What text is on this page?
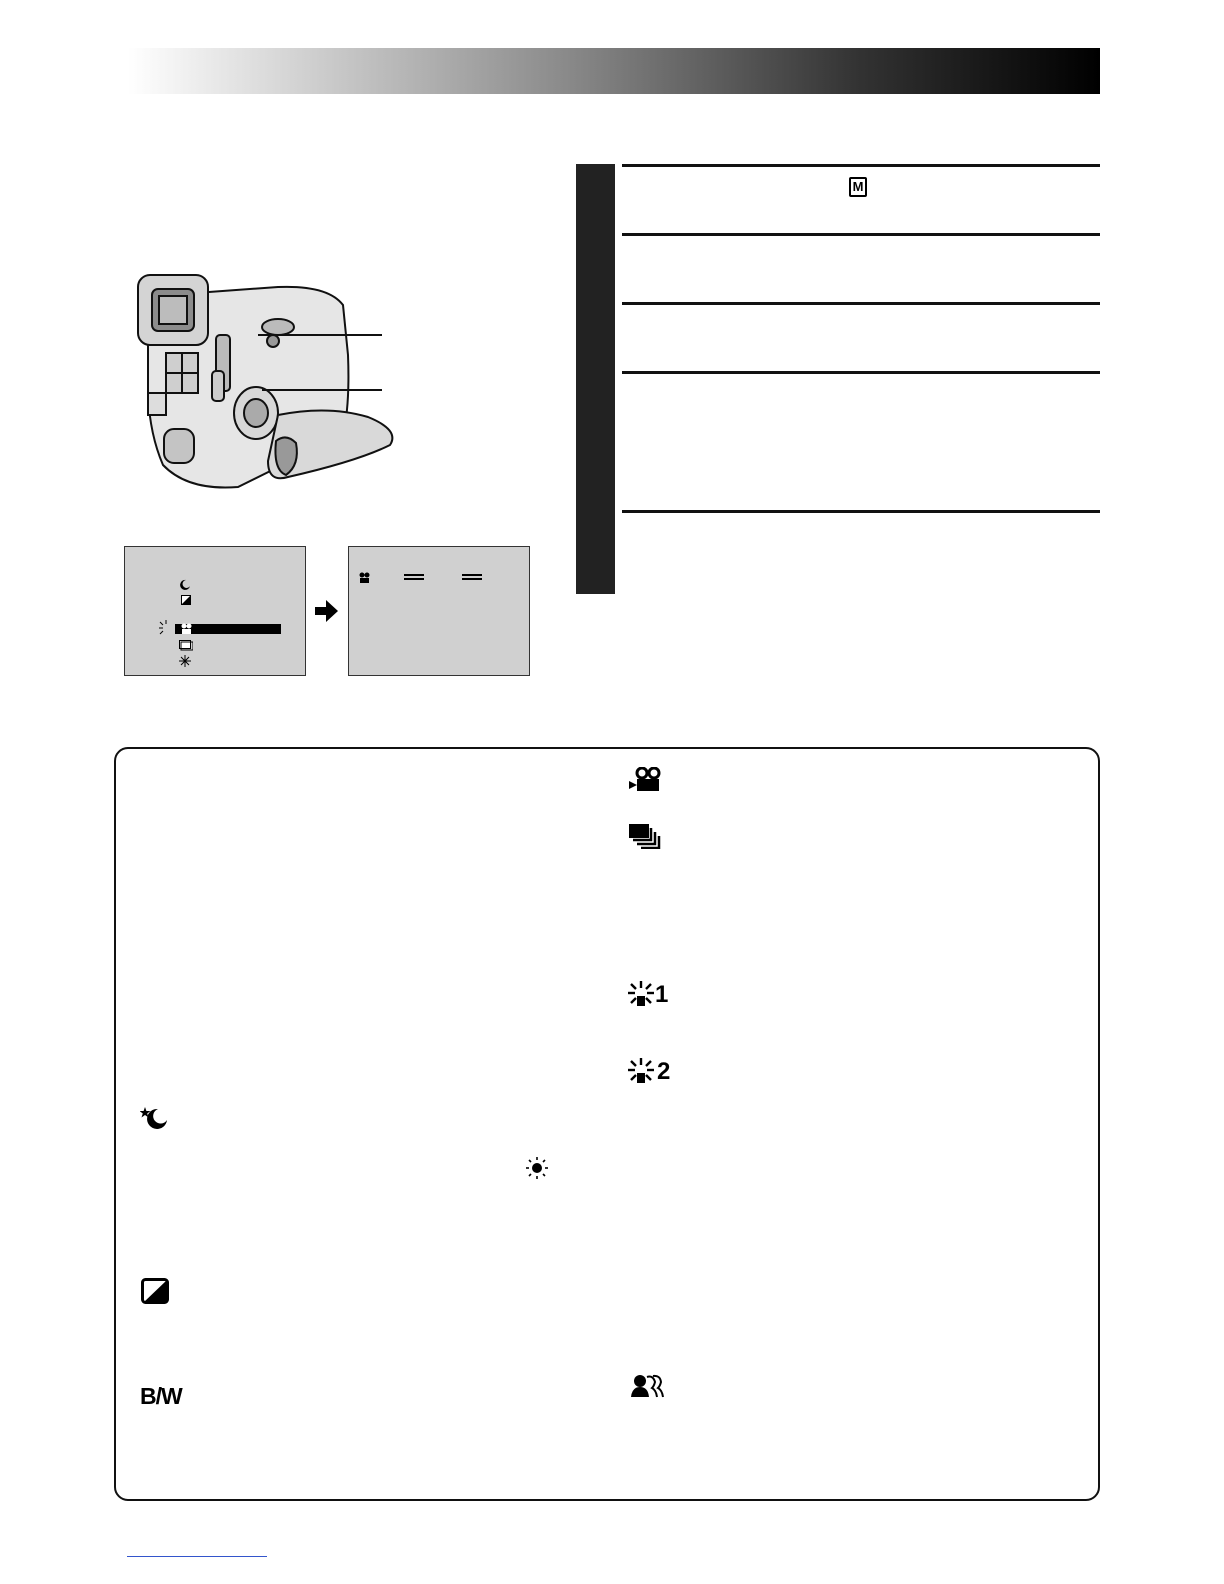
M
B/W
1
2
